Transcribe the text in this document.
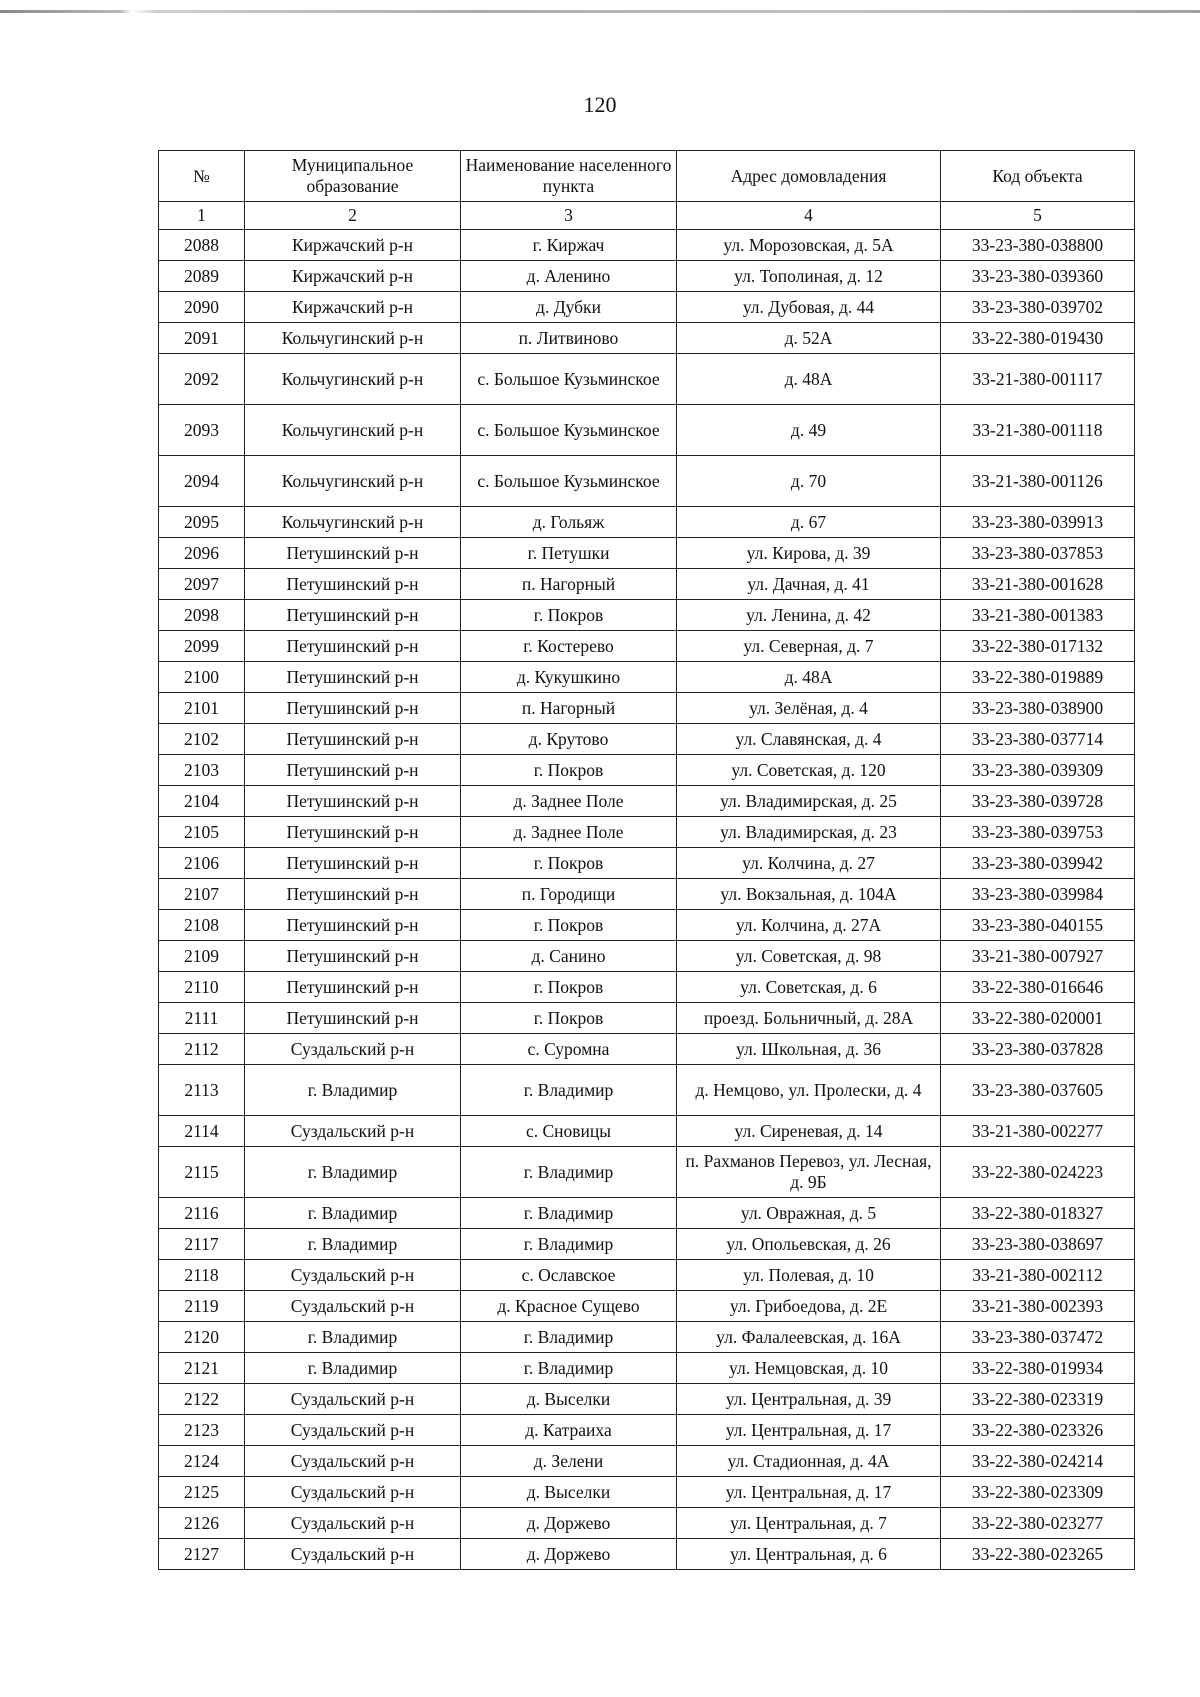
120
№	Муниципальное образование	Наименование населенного пункта	Адрес домовладения	Код объекта
1	2	3	4	5
2088	Киржачский р-н	г. Киржач	ул. Морозовская, д. 5А	33-23-380-038800
2089	Киржачский р-н	д. Аленино	ул. Тополиная, д. 12	33-23-380-039360
2090	Киржачский р-н	д. Дубки	ул. Дубовая, д. 44	33-23-380-039702
2091	Кольчугинский р-н	п. Литвиново	д. 52А	33-22-380-019430
2092	Кольчугинский р-н	с. Большое Кузьминское	д. 48А	33-21-380-001117
2093	Кольчугинский р-н	с. Большое Кузьминское	д. 49	33-21-380-001118
2094	Кольчугинский р-н	с. Большое Кузьминское	д. 70	33-21-380-001126
2095	Кольчугинский р-н	д. Гольяж	д. 67	33-23-380-039913
2096	Петушинский р-н	г. Петушки	ул. Кирова, д. 39	33-23-380-037853
2097	Петушинский р-н	п. Нагорный	ул. Дачная, д. 41	33-21-380-001628
2098	Петушинский р-н	г. Покров	ул. Ленина, д. 42	33-21-380-001383
2099	Петушинский р-н	г. Костерево	ул. Северная, д. 7	33-22-380-017132
2100	Петушинский р-н	д. Кукушкино	д. 48А	33-22-380-019889
2101	Петушинский р-н	п. Нагорный	ул. Зелёная, д. 4	33-23-380-038900
2102	Петушинский р-н	д. Крутово	ул. Славянская, д. 4	33-23-380-037714
2103	Петушинский р-н	г. Покров	ул. Советская, д. 120	33-23-380-039309
2104	Петушинский р-н	д. Заднее Поле	ул. Владимирская, д. 25	33-23-380-039728
2105	Петушинский р-н	д. Заднее Поле	ул. Владимирская, д. 23	33-23-380-039753
2106	Петушинский р-н	г. Покров	ул. Колчина, д. 27	33-23-380-039942
2107	Петушинский р-н	п. Городищи	ул. Вокзальная, д. 104А	33-23-380-039984
2108	Петушинский р-н	г. Покров	ул. Колчина, д. 27А	33-23-380-040155
2109	Петушинский р-н	д. Санино	ул. Советская, д. 98	33-21-380-007927
2110	Петушинский р-н	г. Покров	ул. Советская, д. 6	33-22-380-016646
2111	Петушинский р-н	г. Покров	проезд. Больничный, д. 28А	33-22-380-020001
2112	Суздальский р-н	с. Суромна	ул. Школьная, д. 36	33-23-380-037828
2113	г. Владимир	г. Владимир	д. Немцово, ул. Пролески, д. 4	33-23-380-037605
2114	Суздальский р-н	с. Сновицы	ул. Сиреневая, д. 14	33-21-380-002277
2115	г. Владимир	г. Владимир	п. Рахманов Перевоз, ул. Лесная, д. 9Б	33-22-380-024223
2116	г. Владимир	г. Владимир	ул. Овражная, д. 5	33-22-380-018327
2117	г. Владимир	г. Владимир	ул. Опольевская, д. 26	33-23-380-038697
2118	Суздальский р-н	с. Ославское	ул. Полевая, д. 10	33-21-380-002112
2119	Суздальский р-н	д. Красное Сущево	ул. Грибоедова, д. 2Е	33-21-380-002393
2120	г. Владимир	г. Владимир	ул. Фалалеевская, д. 16А	33-23-380-037472
2121	г. Владимир	г. Владимир	ул. Немцовская, д. 10	33-22-380-019934
2122	Суздальский р-н	д. Выселки	ул. Центральная, д. 39	33-22-380-023319
2123	Суздальский р-н	д. Катраиха	ул. Центральная, д. 17	33-22-380-023326
2124	Суздальский р-н	д. Зелени	ул. Стадионная, д. 4А	33-22-380-024214
2125	Суздальский р-н	д. Выселки	ул. Центральная, д. 17	33-22-380-023309
2126	Суздальский р-н	д. Доржево	ул. Центральная, д. 7	33-22-380-023277
2127	Суздальский р-н	д. Доржево	ул. Центральная, д. 6	33-22-380-023265
